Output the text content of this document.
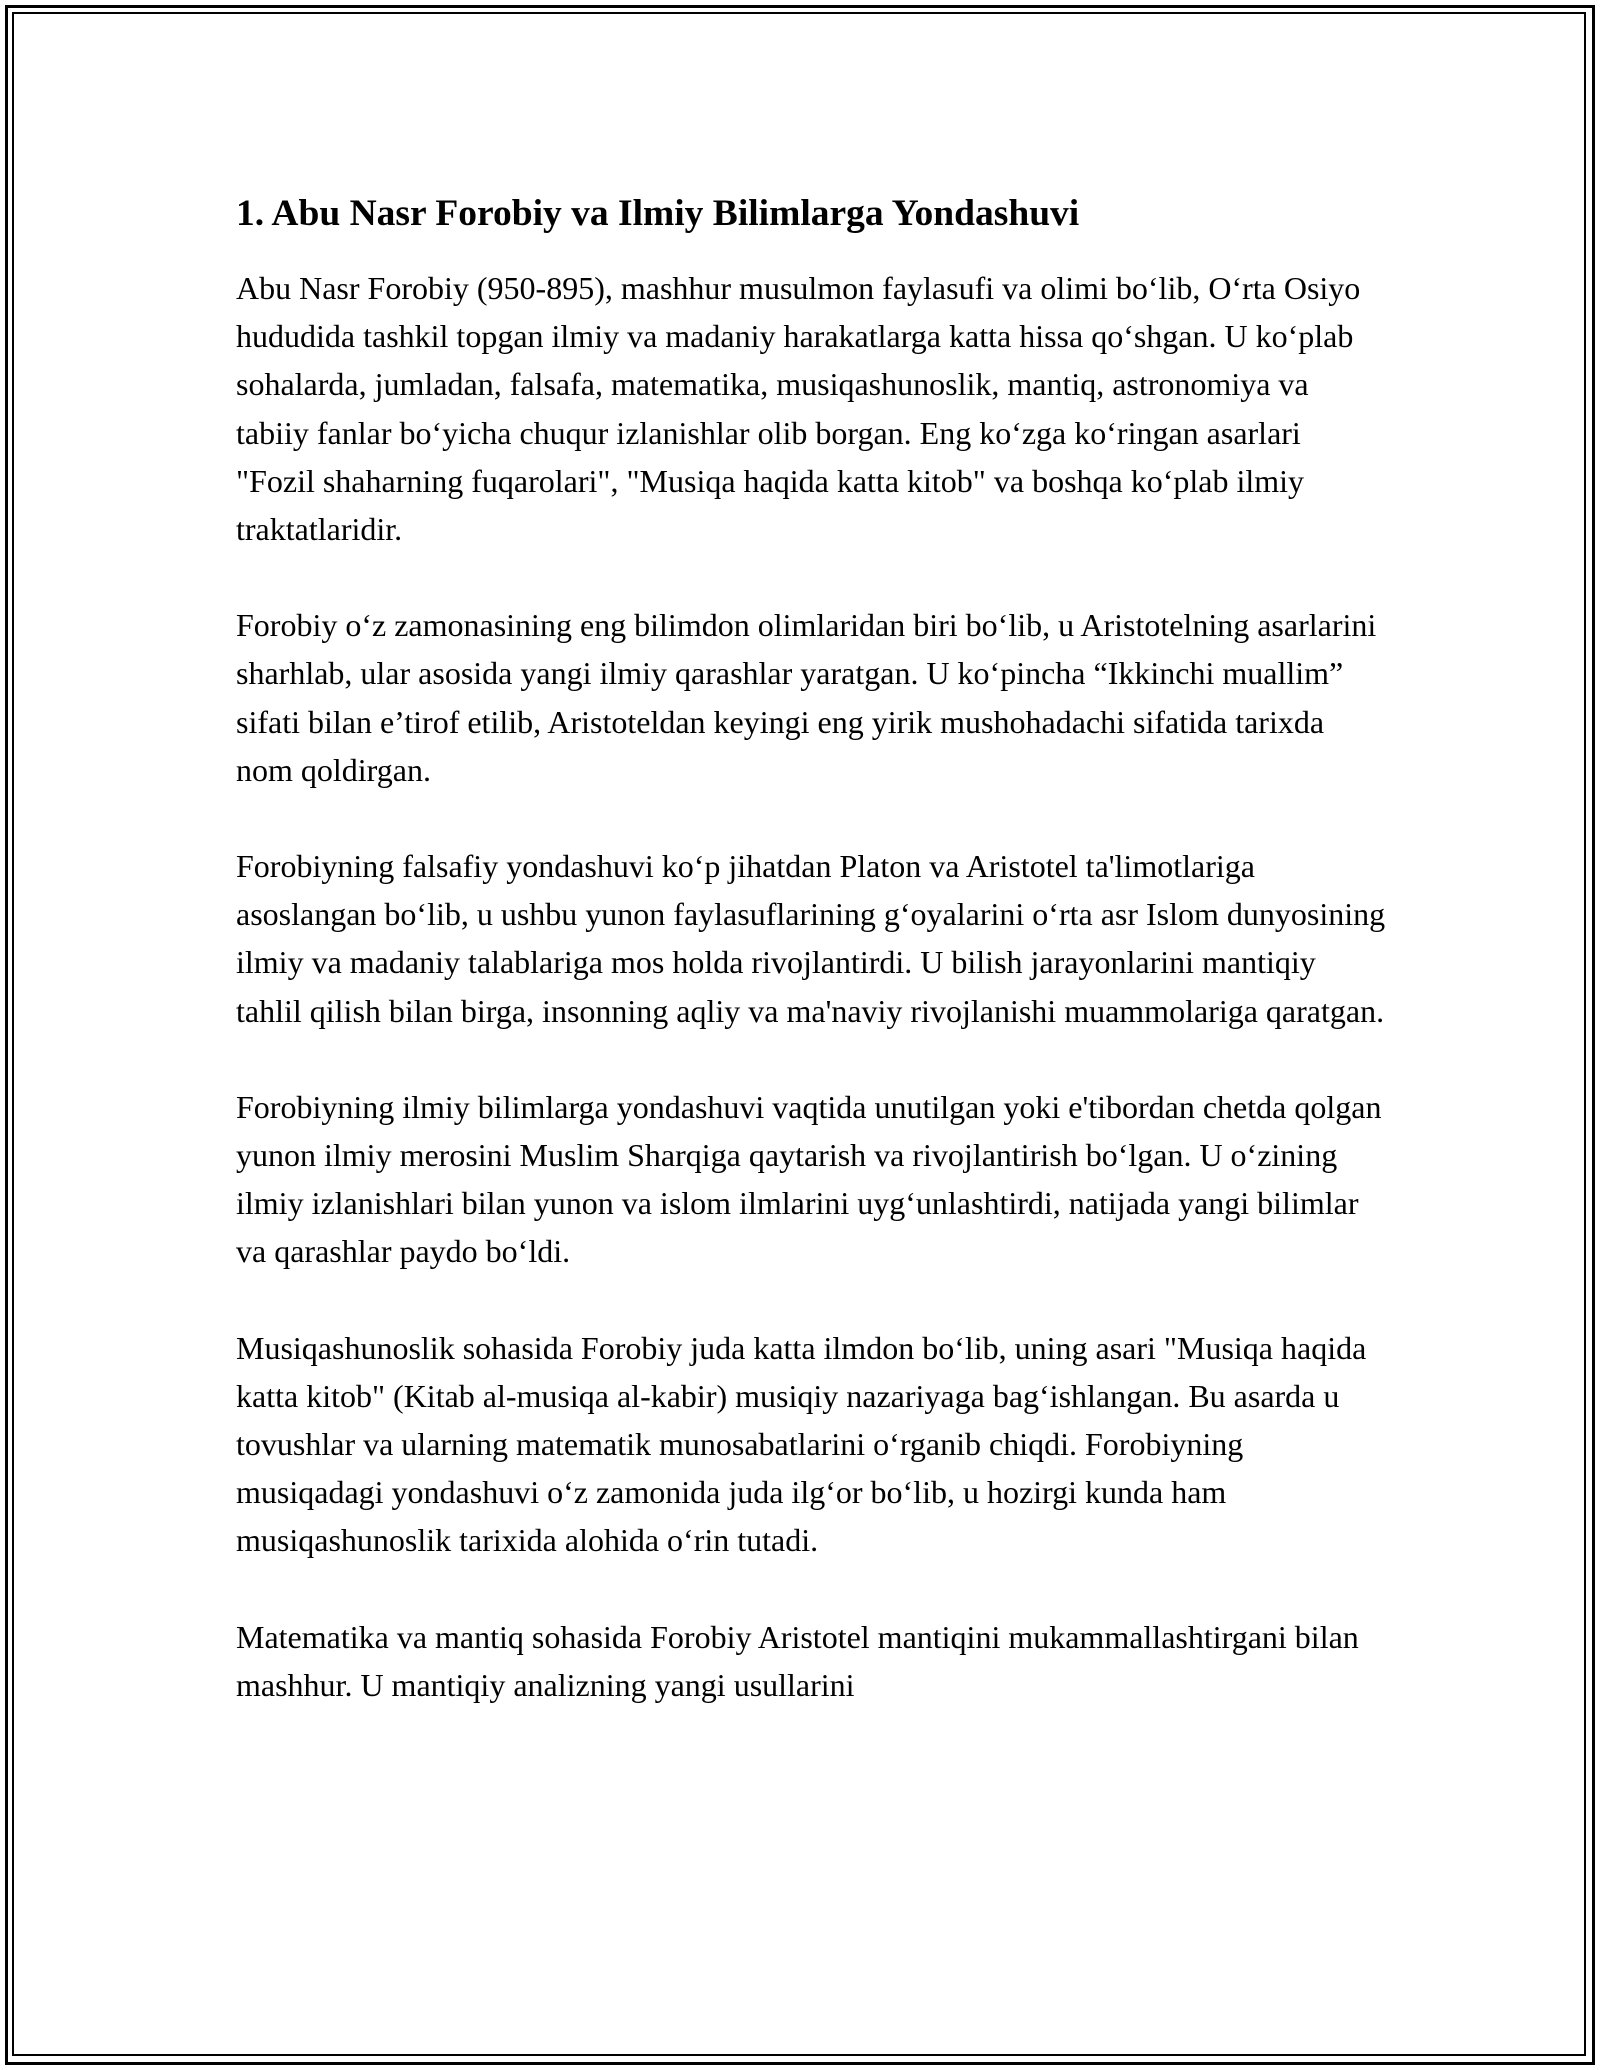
1. Abu Nasr Forobiy va Ilmiy Bilimlarga Yondashuvi

Abu Nasr Forobiy (950-895), mashhur musulmon faylasufi va olimi bo‘lib, O‘rta Osiyo hududida tashkil topgan ilmiy va madaniy harakatlarga katta hissa qo‘shgan. U ko‘plab sohalarda, jumladan, falsafa, matematika, musiqashunoslik, mantiq, astronomiya va tabiiy fanlar bo‘yicha chuqur izlanishlar olib borgan. Eng ko‘zga ko‘ringan asarlari "Fozil shaharning fuqarolari", "Musiqa haqida katta kitob" va boshqa ko‘plab ilmiy traktatlaridir.

Forobiy o‘z zamonasining eng bilimdon olimlaridan biri bo‘lib, u Aristotelning asarlarini sharhlab, ular asosida yangi ilmiy qarashlar yaratgan. U ko‘pincha “Ikkinchi muallim” sifati bilan e’tirof etilib, Aristoteldan keyingi eng yirik mushohadachi sifatida tarixda nom qoldirgan.

Forobiyning falsafiy yondashuvi ko‘p jihatdan Platon va Aristotel ta'limotlariga asoslangan bo‘lib, u ushbu yunon faylasuflarining g‘oyalarini o‘rta asr Islom dunyosining ilmiy va madaniy talablariga mos holda rivojlantirdi. U bilish jarayonlarini mantiqiy tahlil qilish bilan birga, insonning aqliy va ma'naviy rivojlanishi muammolariga qaratgan.

Forobiyning ilmiy bilimlarga yondashuvi vaqtida unutilgan yoki e'tibordan chetda qolgan yunon ilmiy merosini Muslim Sharqiga qaytarish va rivojlantirish bo‘lgan. U o‘zining ilmiy izlanishlari bilan yunon va islom ilmlarini uyg‘unlashtirdi, natijada yangi bilimlar va qarashlar paydo bo‘ldi.

Musiqashunoslik sohasida Forobiy juda katta ilmdon bo‘lib, uning asari "Musiqa haqida katta kitob" (Kitab al-musiqa al-kabir) musiqiy nazariyaga bag‘ishlangan. Bu asarda u tovushlar va ularning matematik munosabatlarini o‘rganib chiqdi. Forobiyning musiqadagi yondashuvi o‘z zamonida juda ilg‘or bo‘lib, u hozirgi kunda ham musiqashunoslik tarixida alohida o‘rin tutadi.

Matematika va mantiq sohasida Forobiy Aristotel mantiqini mukammallashtirgani bilan mashhur. U mantiqiy analizning yangi usullarini
